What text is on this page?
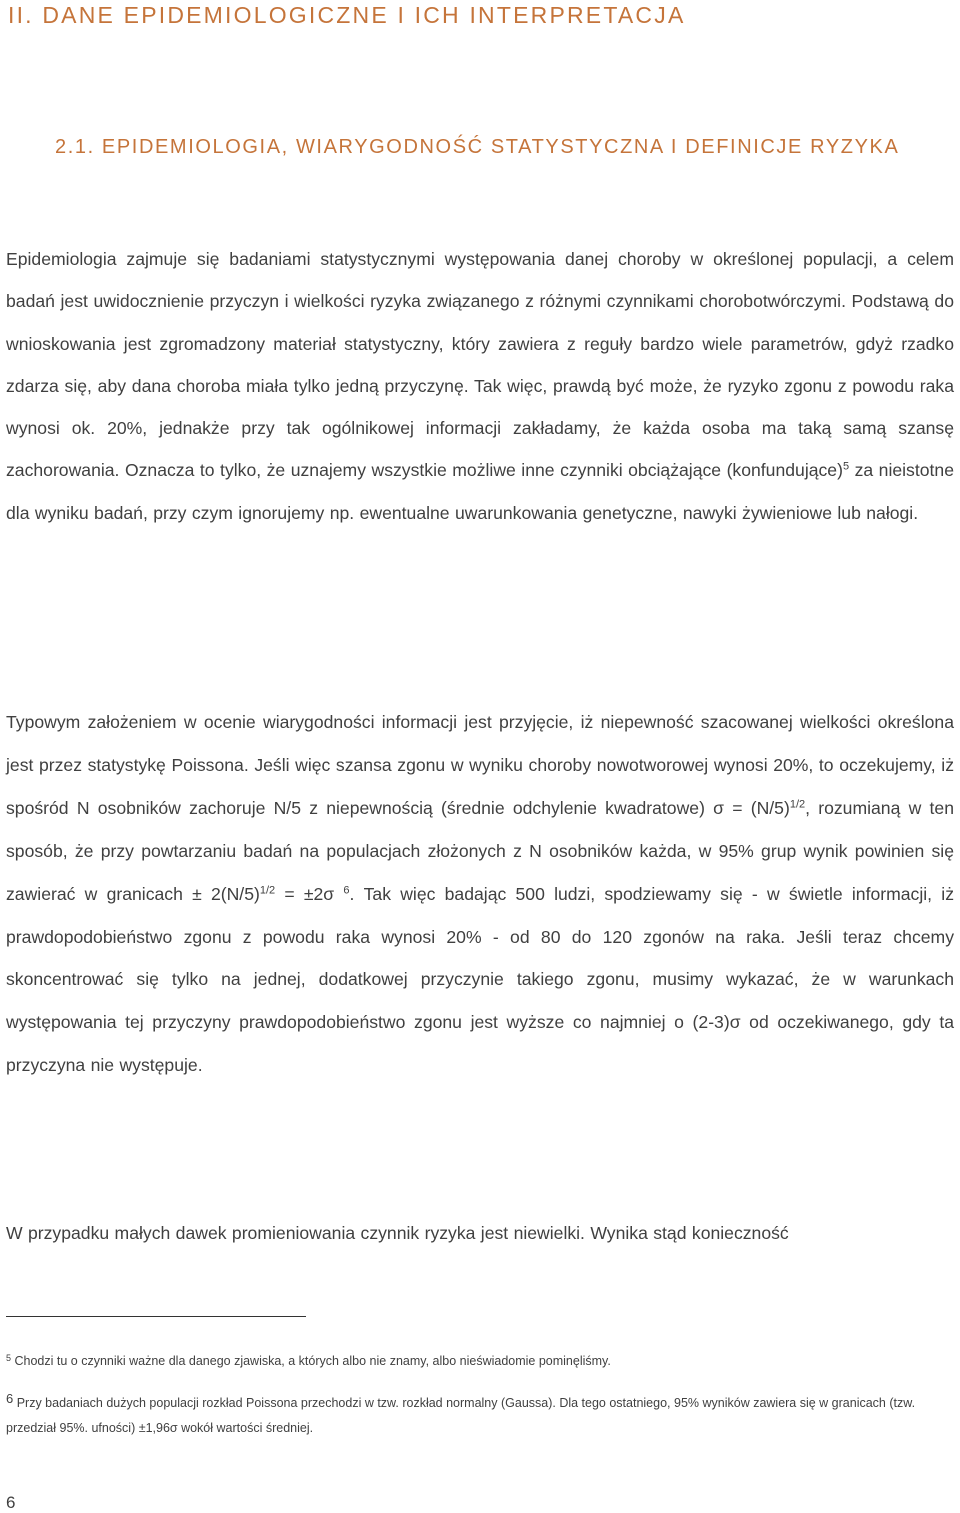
II. DANE EPIDEMIOLOGICZNE I ICH INTERPRETACJA
2.1. EPIDEMIOLOGIA, WIARYGODNOŚĆ STATYSTYCZNA I DEFINICJE RYZYKA

Epidemiologia zajmuje się badaniami statystycznymi występowania danej choroby w określonej populacji, a celem badań jest uwidocznienie przyczyn i wielkości ryzyka związanego z różnymi czynnikami chorobotwórczymi. Podstawą do wnioskowania jest zgromadzony materiał statystyczny, który zawiera z reguły bardzo wiele parametrów, gdyż rzadko zdarza się, aby dana choroba miała tylko jedną przyczynę. Tak więc, prawdą być może, że ryzyko zgonu z powodu raka wynosi ok. 20%, jednakże przy tak ogólnikowej informacji zakładamy, że każda osoba ma taką samą szansę zachorowania. Oznacza to tylko, że uznajemy wszystkie możliwe inne czynniki obciążające (konfundujące)$^5$ za nieistotne dla wyniku badań, przy czym ignorujemy np. ewentualne uwarunkowania genetyczne, nawyki żywieniowe lub nałogi.

Typowym założeniem w ocenie wiarygodności informacji jest przyjęcie, iż niepewność szacowanej wielkości określona jest przez statystykę Poissona. Jeśli więc szansa zgonu w wyniku choroby nowotworowej wynosi 20%, to oczekujemy, iż spośród N osobników zachoruje N/5 z niepewnością (średnie odchylenie kwadratowe) $\sigma = (N/5)^{1/2}$, rozumianą w ten sposób, że przy powtarzaniu badań na populacjach złożonych z N osobników każda, w 95% grup wynik powinien się zawierać w granicach ± $2(N/5)^{1/2} = \pm 2\sigma$ $^6$. Tak więc badając 500 ludzi, spodziewamy się - w świetle informacji, iż prawdopodobieństwo zgonu z powodu raka wynosi 20% - od 80 do 120 zgonów na raka. Jeśli teraz chcemy skoncentrować się tylko na jednej, dodatkowej przyczynie takiego zgonu, musimy wykazać, że w warunkach występowania tej przyczyny prawdopodobieństwo zgonu jest wyższe co najmniej o (2-3)σ od oczekiwanego, gdy ta przyczyna nie występuje.

W przypadku małych dawek promieniowania czynnik ryzyka jest niewielki. Wynika stąd konieczność

$^5$ Chodzi tu o czynniki ważne dla danego zjawiska, a których albo nie znamy, albo nieświadomie pominęliśmy.

6 Przy badaniach dużych populacji rozkład Poissona przechodzi w tzw. rozkład normalny (Gaussa). Dla tego ostatniego, 95% wyników zawiera się w granicach (tzw. przedział 95%. ufności) ±1,96σ wokół wartości średniej.

6
